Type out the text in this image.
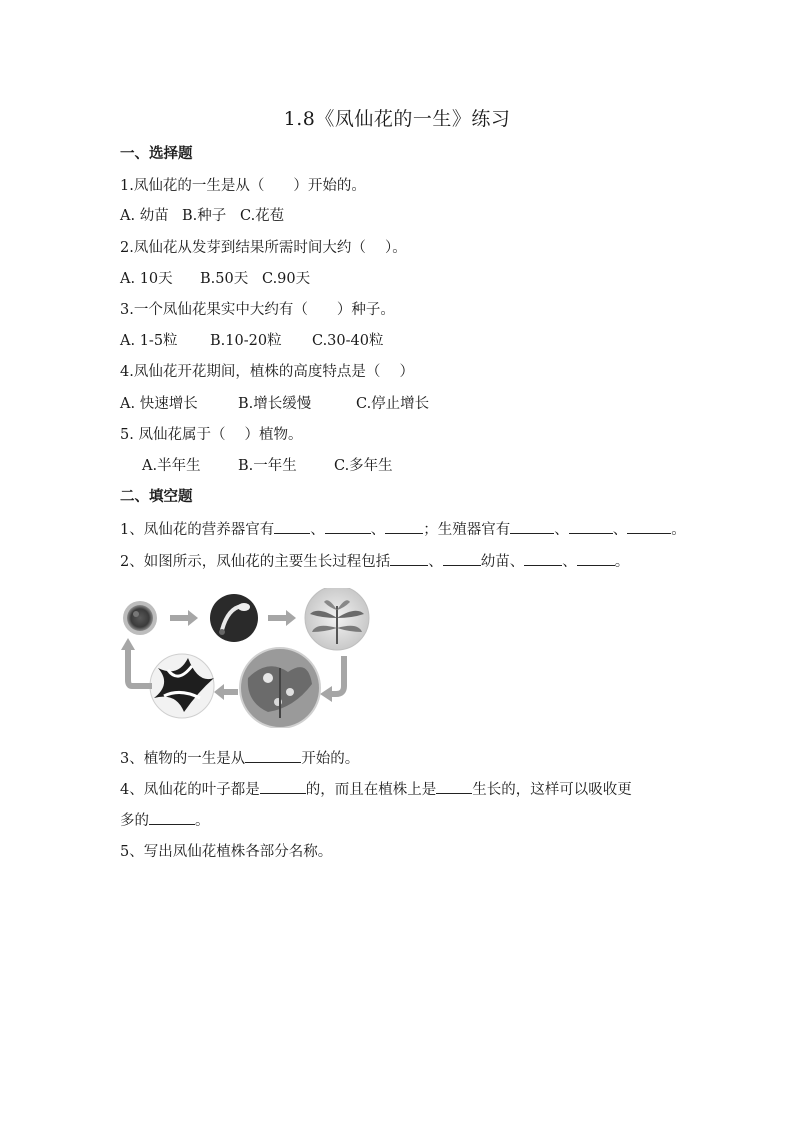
1.8《凤仙花的一生》练习
一、选择题
1.凤仙花的一生是从（　　）开始的。
A. 幼苗 B.种子 C.花苞
2.凤仙花从发芽到结果所需时间大约（　 ）。
A. 10天 B.50天 C.90天
3.一个凤仙花果实中大约有（　　）种子。
A. 1-5粒 B.10-20粒 C.30-40粒
4.凤仙花开花期间，植株的高度特点是（　 ）
A. 快速增长	B.增长缓慢	C.停止增长
5. 凤仙花属于（　 ）植物。
A.半年生	B.一年生	C.多年生
二、填空题
1、凤仙花的营养器官有 、	、	；生殖器官有	、	、	。
2、如图所示，凤仙花的主要生长过程包括	、	幼苗、	、	。
3、植物的一生是从	开始的。
4、凤仙花的叶子都是	的，而且在植株上是 生长的，这样可以吸收更
多的	。
5、写出凤仙花植株各部分名称。
